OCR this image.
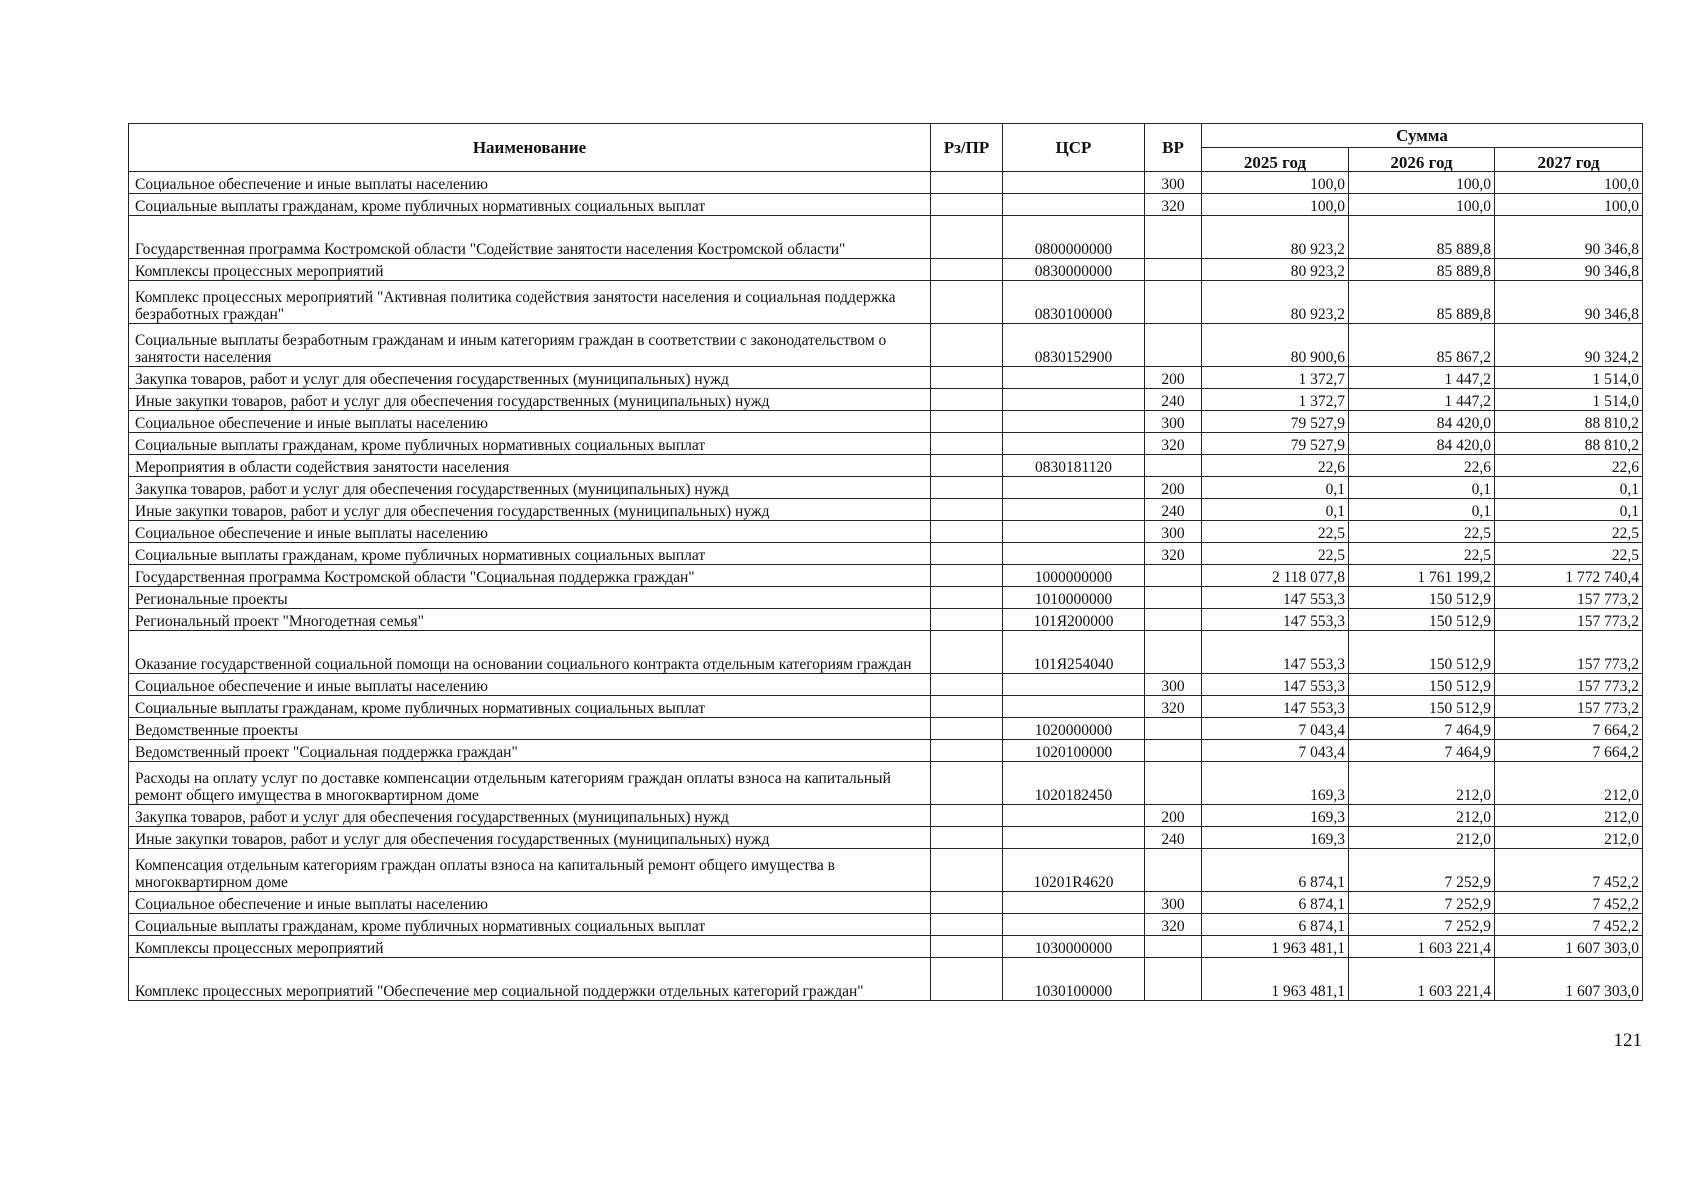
Наименование	Рз/ПР	ЦСР	ВР	Сумма		
				2025 год	2026 год	2027 год
Социальное обеспечение и иные выплаты населению			300	100,0	100,0	100,0
Социальные выплаты гражданам, кроме публичных нормативных социальных выплат			320	100,0	100,0	100,0
Государственная программа Костромской области "Содействие занятости населения Костромской области"		0800000000		80 923,2	85 889,8	90 346,8
Комплексы процессных мероприятий		0830000000		80 923,2	85 889,8	90 346,8
Комплекс процессных мероприятий "Активная политика содействия занятости населения и социальная поддержка безработных граждан"		0830100000		80 923,2	85 889,8	90 346,8
Социальные выплаты безработным гражданам и иным категориям граждан в соответствии с законодательством о занятости населения		0830152900		80 900,6	85 867,2	90 324,2
Закупка товаров, работ и услуг для обеспечения государственных (муниципальных) нужд			200	1 372,7	1 447,2	1 514,0
Иные закупки товаров, работ и услуг для обеспечения государственных (муниципальных) нужд			240	1 372,7	1 447,2	1 514,0
Социальное обеспечение и иные выплаты населению			300	79 527,9	84 420,0	88 810,2
Социальные выплаты гражданам, кроме публичных нормативных социальных выплат			320	79 527,9	84 420,0	88 810,2
Мероприятия в области содействия занятости населения		0830181120		22,6	22,6	22,6
Закупка товаров, работ и услуг для обеспечения государственных (муниципальных) нужд			200	0,1	0,1	0,1
Иные закупки товаров, работ и услуг для обеспечения государственных (муниципальных) нужд			240	0,1	0,1	0,1
Социальное обеспечение и иные выплаты населению			300	22,5	22,5	22,5
Социальные выплаты гражданам, кроме публичных нормативных социальных выплат			320	22,5	22,5	22,5
Государственная программа Костромской области "Социальная поддержка граждан"		1000000000		2 118 077,8	1 761 199,2	1 772 740,4
Региональные проекты		1010000000		147 553,3	150 512,9	157 773,2
Региональный проект "Многодетная семья"		101Я200000		147 553,3	150 512,9	157 773,2
Оказание государственной социальной помощи на основании социального контракта отдельным категориям граждан		101Я254040		147 553,3	150 512,9	157 773,2
Социальное обеспечение и иные выплаты населению			300	147 553,3	150 512,9	157 773,2
Социальные выплаты гражданам, кроме публичных нормативных социальных выплат			320	147 553,3	150 512,9	157 773,2
Ведомственные проекты		1020000000		7 043,4	7 464,9	7 664,2
Ведомственный проект "Социальная поддержка граждан"		1020100000		7 043,4	7 464,9	7 664,2
Расходы на оплату услуг по доставке компенсации отдельным категориям граждан оплаты взноса на капитальный ремонт общего имущества в многоквартирном доме		1020182450		169,3	212,0	212,0
Закупка товаров, работ и услуг для обеспечения государственных (муниципальных) нужд			200	169,3	212,0	212,0
Иные закупки товаров, работ и услуг для обеспечения государственных (муниципальных) нужд			240	169,3	212,0	212,0
Компенсация отдельным категориям граждан оплаты взноса на капитальный ремонт общего имущества в многоквартирном доме		10201R4620		6 874,1	7 252,9	7 452,2
Социальное обеспечение и иные выплаты населению			300	6 874,1	7 252,9	7 452,2
Социальные выплаты гражданам, кроме публичных нормативных социальных выплат			320	6 874,1	7 252,9	7 452,2
Комплексы процессных мероприятий		1030000000		1 963 481,1	1 603 221,4	1 607 303,0
Комплекс процессных мероприятий "Обеспечение мер социальной поддержки отдельных категорий граждан"		1030100000		1 963 481,1	1 603 221,4	1 607 303,0
121
